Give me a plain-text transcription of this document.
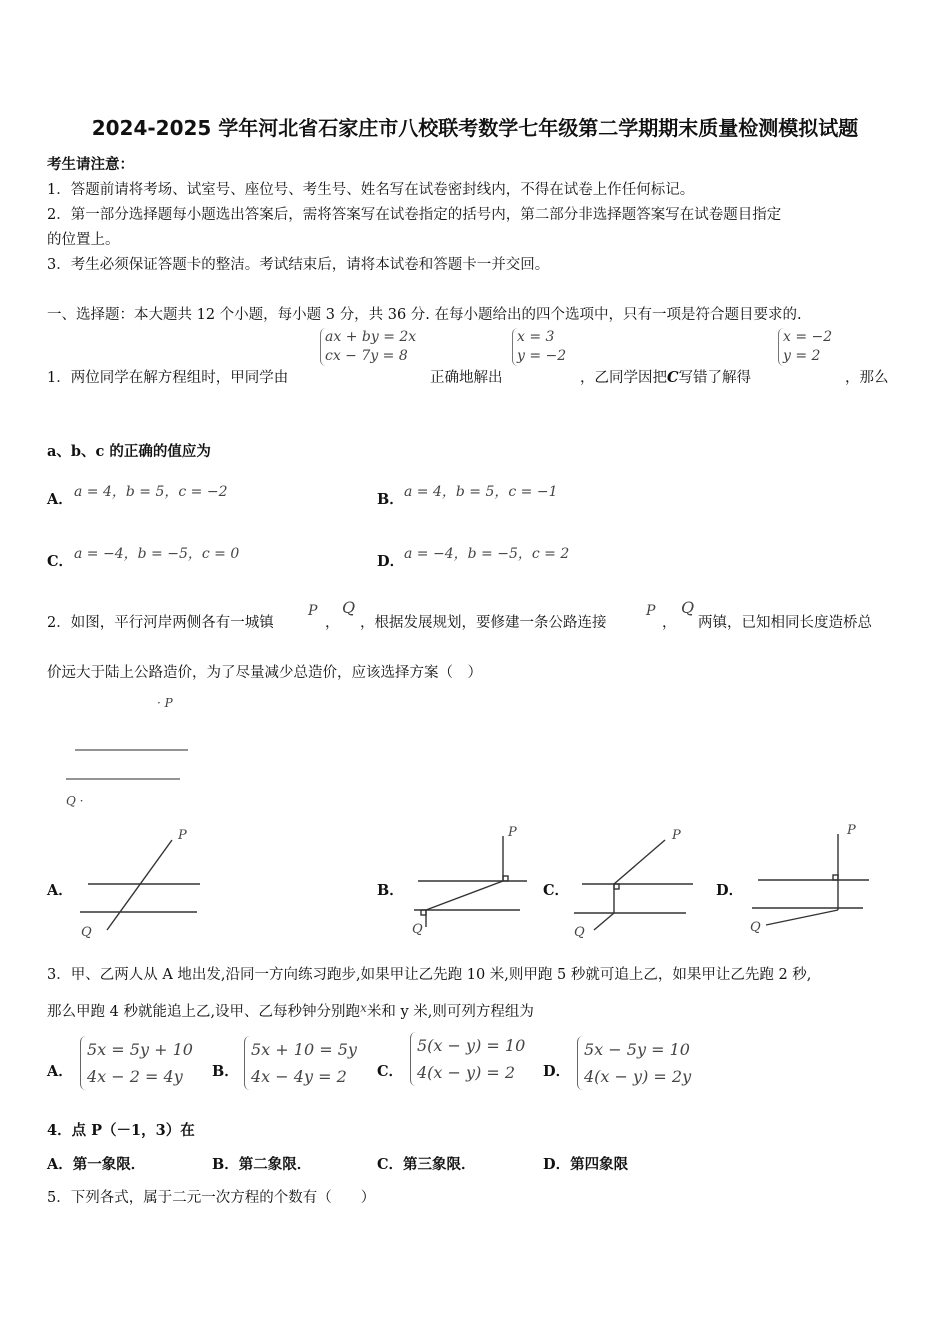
2024-2025 学年河北省石家庄市八校联考数学七年级第二学期期末质量检测模拟试题
考生请注意：
1．答题前请将考场、试室号、座位号、考生号、姓名写在试卷密封线内，不得在试卷上作任何标记。
2．第一部分选择题每小题选出答案后，需将答案写在试卷指定的括号内，第二部分非选择题答案写在试卷题目指定
的位置上。
3．考生必须保证答题卡的整洁。考试结束后，请将本试卷和答题卡一并交回。
一、选择题：本大题共 12 个小题，每小题 3 分，共 36 分. 在每小题给出的四个选项中，只有一项是符合题目要求的.
1．两位同学在解方程组时，甲同学由
ax + by = 2x
cx − 7y = 8
正确地解出
x = 3
y = −2
，乙同学因把C写错了解得
x = −2
y = 2
，那么
a、b、c 的正确的值应为
A． a = 4，b = 5，c = −2	B． a = 4，b = 5，c = −1
C． a = −4，b = −5，c = 0	D． a = −4，b = −5，c = 2
2．如图，平行河岸两侧各有一城镇
P
，
Q
，根据发展规划，要修建一条公路连接
P
，
Q
两镇，已知相同长度造桥总
价远大于陆上公路造价，为了尽量减少总造价，应该选择方案（　）
· P
Q ·
A．
P
Q
B．
P
Q
C．
P
Q
D．
P
Q
3．甲、乙两人从 A 地出发,沿同一方向练习跑步,如果甲让乙先跑 10 米,则甲跑 5 秒就可追上乙，如果甲让乙先跑 2 秒,
那么甲跑 4 秒就能追上乙,设甲、乙每秒钟分别跑$^x$米和 y 米,则可列方程组为
A．
5x = 5y + 10
4x − 2 = 4y	B．
5x + 10 = 5y
4x − 4y = 2	C．
5(x − y) = 10
4(x − y) = 2	D．
5x − 5y = 10
4(x − y) = 2y
4．点 P（－1，3）在
A．第一象限．	B．第二象限．	C．第三象限．	D．第四象限
5．下列各式，属于二元一次方程的个数有（　　）
